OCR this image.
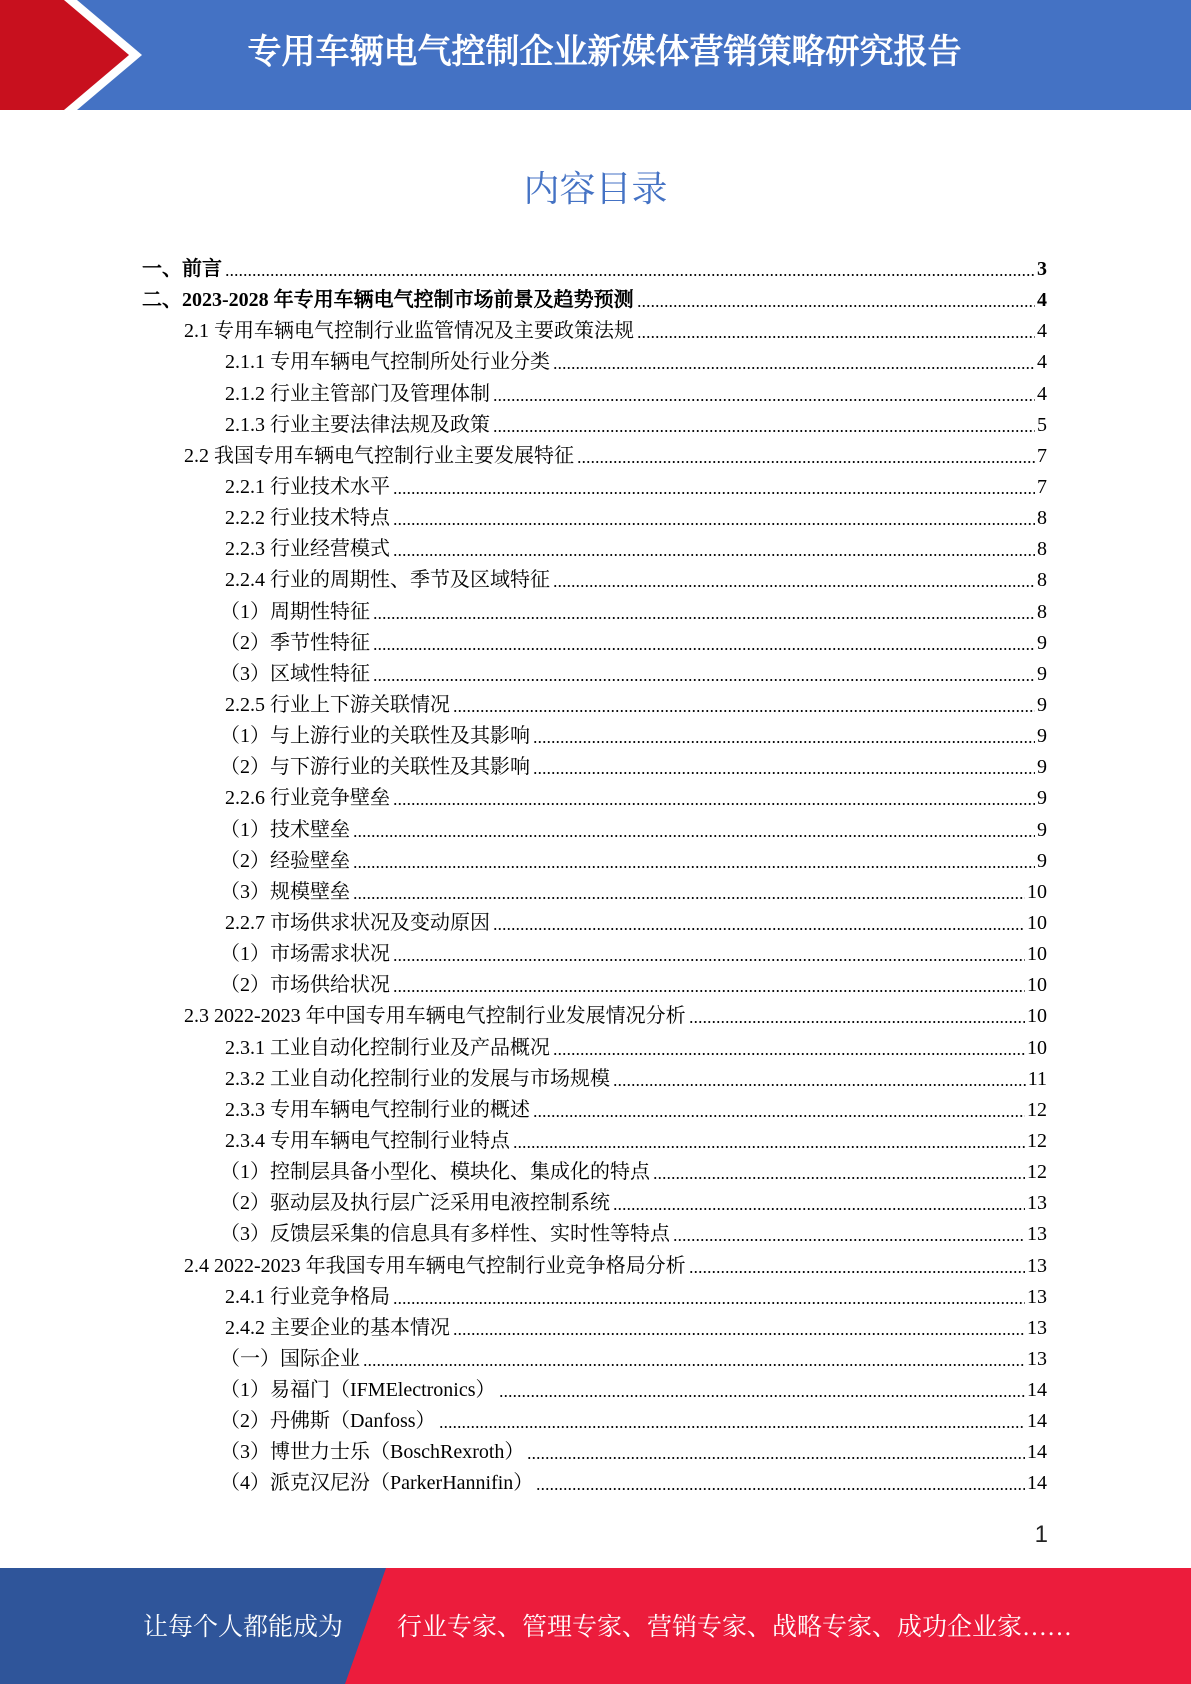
专用车辆电气控制企业新媒体营销策略研究报告
内容目录
一、前言	3
二、2023-2028 年专用车辆电气控制市场前景及趋势预测	4
2.1 专用车辆电气控制行业监管情况及主要政策法规	4
2.1.1 专用车辆电气控制所处行业分类	4
2.1.2 行业主管部门及管理体制	4
2.1.3 行业主要法律法规及政策	5
2.2 我国专用车辆电气控制行业主要发展特征	7
2.2.1 行业技术水平	7
2.2.2 行业技术特点	8
2.2.3 行业经营模式	8
2.2.4 行业的周期性、季节及区域特征	8
（1）周期性特征	8
（2）季节性特征	9
（3）区域性特征	9
2.2.5 行业上下游关联情况	9
（1）与上游行业的关联性及其影响	9
（2）与下游行业的关联性及其影响	9
2.2.6 行业竞争壁垒	9
（1）技术壁垒	9
（2）经验壁垒	9
（3）规模壁垒	10
2.2.7 市场供求状况及变动原因	10
（1）市场需求状况	10
（2）市场供给状况	10
2.3 2022-2023 年中国专用车辆电气控制行业发展情况分析	10
2.3.1 工业自动化控制行业及产品概况	10
2.3.2 工业自动化控制行业的发展与市场规模	11
2.3.3 专用车辆电气控制行业的概述	12
2.3.4 专用车辆电气控制行业特点	12
（1）控制层具备小型化、模块化、集成化的特点	12
（2）驱动层及执行层广泛采用电液控制系统	13
（3）反馈层采集的信息具有多样性、实时性等特点	13
2.4 2022-2023 年我国专用车辆电气控制行业竞争格局分析	13
2.4.1 行业竞争格局	13
2.4.2 主要企业的基本情况	13
（一）国际企业	13
（1）易福门（IFMElectronics）	14
（2）丹佛斯（Danfoss）	14
（3）博世力士乐（BoschRexroth）	14
（4）派克汉尼汾（ParkerHannifin）	14
1
让每个人都能成为 行业专家、管理专家、营销专家、战略专家、成功企业家……
